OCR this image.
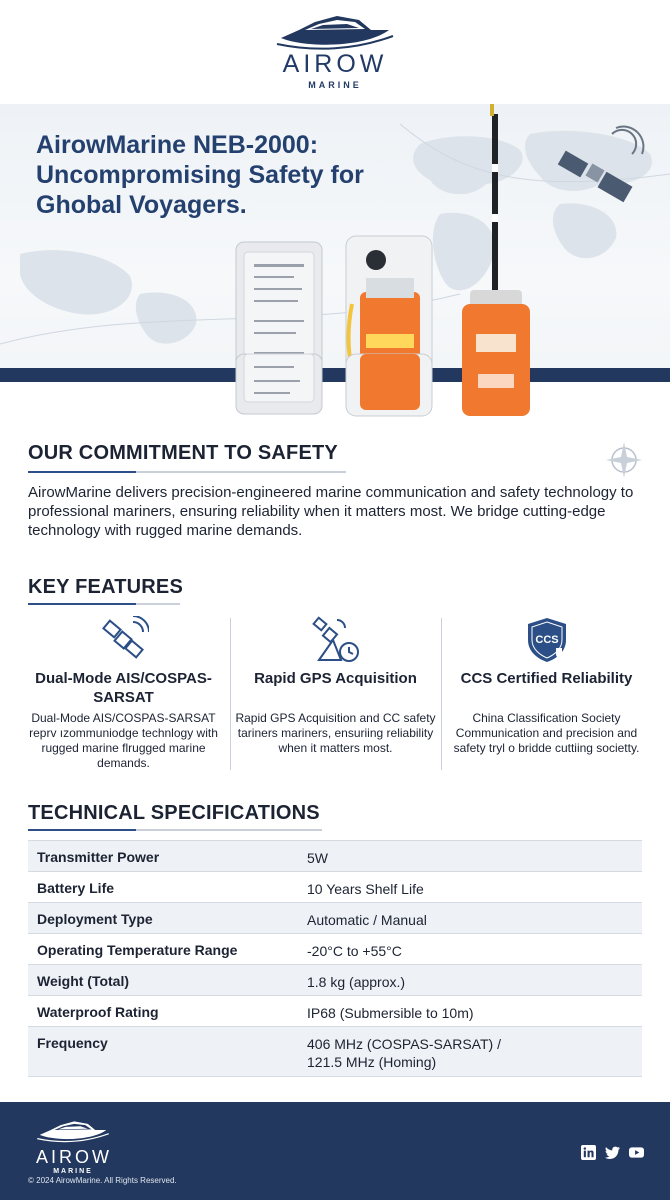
AIROW
MARINE
AirowMarine NEB-2000: Uncompromising Safety for Ghobal Voyagers.
OUR COMMITMENT TO SAFETY
AirowMarine delivers precision-engineered marine communication and safety technology to professional mariners, ensuring reliability when it matters most. We bridge cutting-edge technology with rugged marine demands.
KEY FEATURES
Dual-Mode AIS/COSPAS-SARSAT
Dual-Mode AIS/COSPAS-SARSAT reprv ızommuniodge technlogy with rugged marine flrugged marine demands.
Rapid GPS Acquisition
Rapid GPS Acquisition and CC safety tariners mariners, ensuriing reliability when it matters most.
CCS
CCS Certified Reliability
China Classification Society Communication and precision and safety tryl o bridde cuttiing societty.
TECHNICAL SPECIFICATIONS
Transmitter Power	5W
Battery Life	10 Years Shelf Life
Deployment Type	Automatic / Manual
Operating Temperature Range	-20°C to +55°C
Weight (Total)	1.8 kg (approx.)
Waterproof Rating	IP68 (Submersible to 10m)
Frequency	406 MHz (COSPAS-SARSAT) / 121.5 MHz (Homing)
AIROW
MARINE
© 2024 AirowMarine. All Rights Reserved.
